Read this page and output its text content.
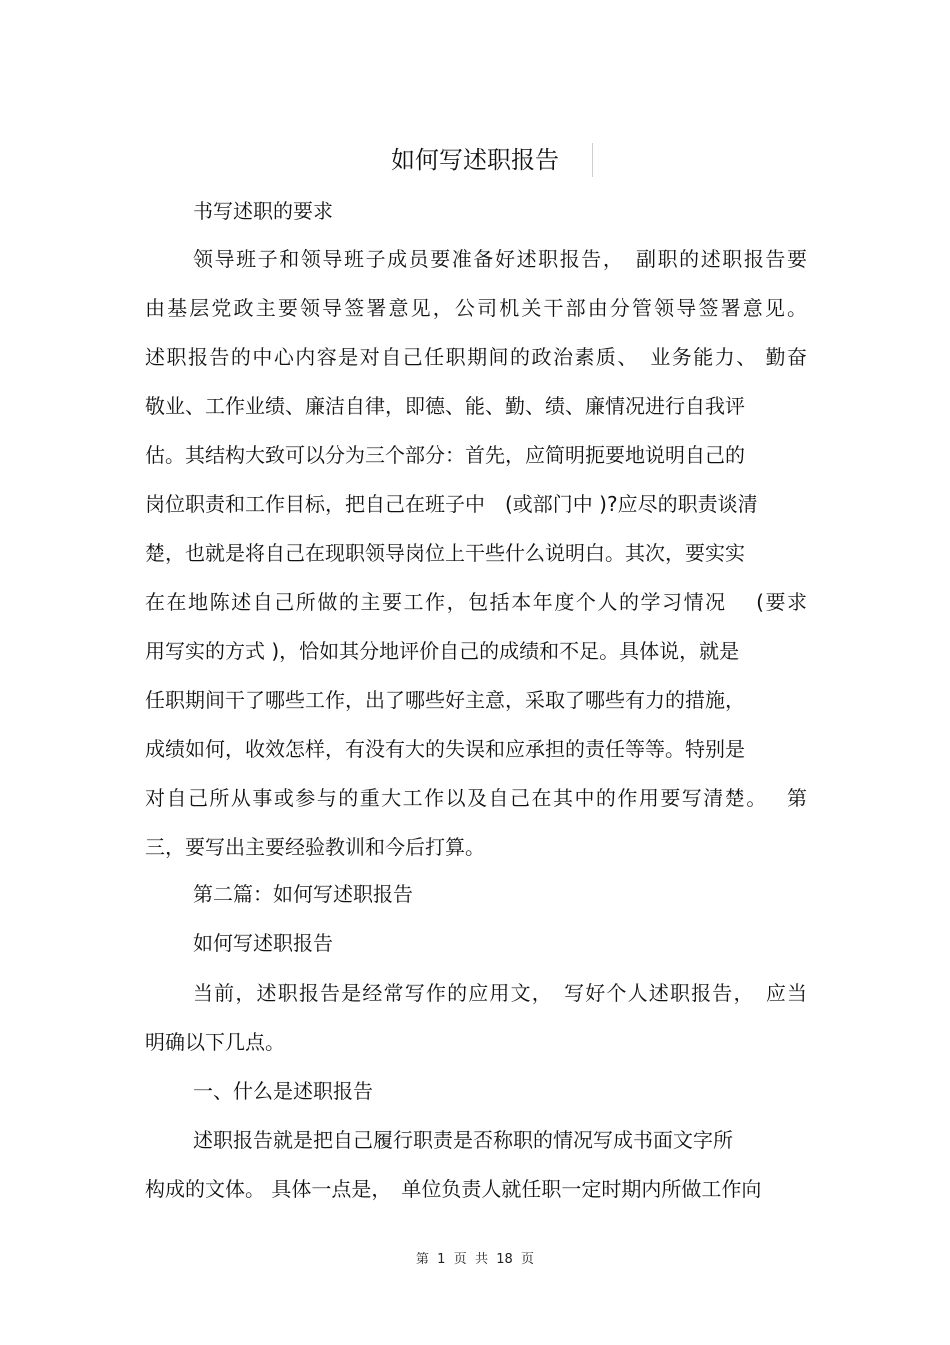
如何写述职报告
书写述职的要求
领导班子和领导班子成员要准备好述职报告，　副职的述职报告要
由基层党政主要领导签署意见，公司机关干部由分管领导签署意见。
述职报告的中心内容是对自己任职期间的政治素质、　业务能力、 勤奋
敬业、工作业绩、廉洁自律，即德、能、勤、绩、廉情况进行自我评
估。其结构大致可以分为三个部分：首先，应简明扼要地说明自己的
岗位职责和工作目标，把自己在班子中　(或部门中 )?应尽的职责谈清
楚，也就是将自己在现职领导岗位上干些什么说明白。其次，要实实
在在地陈述自己所做的主要工作，包括本年度个人的学习情况　 (要求
用写实的方式 )，恰如其分地评价自己的成绩和不足。具体说，就是
任职期间干了哪些工作，出了哪些好主意，采取了哪些有力的措施，
成绩如何，收效怎样，有没有大的失误和应承担的责任等等。特别是
对自己所从事或参与的重大工作以及自己在其中的作用要写清楚。　 第
三，要写出主要经验教训和今后打算。
第二篇：如何写述职报告
如何写述职报告
当前，述职报告是经常写作的应用文，　写好个人述职报告，　应当
明确以下几点。
一、什么是述职报告
述职报告就是把自己履行职责是否称职的情况写成书面文字所
构成的文体。 具体一点是，　单位负责人就任职一定时期内所做工作向
第  1  页  共  18  页
